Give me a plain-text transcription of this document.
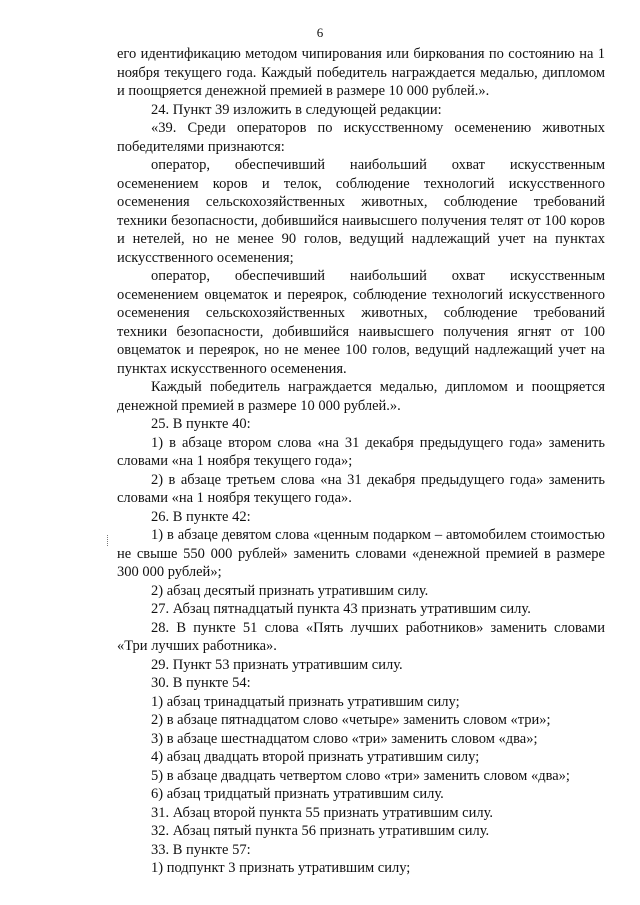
6

его идентификацию методом чипирования или биркования по состоянию на 1 ноября текущего года. Каждый победитель награждается медалью, дипломом и поощряется денежной премией в размере 10 000 рублей.».

24. Пункт 39 изложить в следующей редакции:

«39. Среди операторов по искусственному осеменению животных победителями признаются:

оператор, обеспечивший наибольший охват искусственным осеменением коров и телок, соблюдение технологий искусственного осеменения сельскохозяйственных животных, соблюдение требований техники безопасности, добившийся наивысшего получения телят от 100 коров и нетелей, но не менее 90 голов, ведущий надлежащий учет на пунктах искусственного осеменения;

оператор, обеспечивший наибольший охват искусственным осеменением овцематок и переярок, соблюдение технологий искусственного осеменения сельскохозяйственных животных, соблюдение требований техники безопасности, добившийся наивысшего получения ягнят от 100 овцематок и переярок, но не менее 100 голов, ведущий надлежащий учет на пунктах искусственного осеменения.

Каждый победитель награждается медалью, дипломом и поощряется денежной премией в размере 10 000 рублей.».

25. В пункте 40:

1) в абзаце втором слова «на 31 декабря предыдущего года» заменить словами «на 1 ноября текущего года»;

2) в абзаце третьем слова «на 31 декабря предыдущего года» заменить словами «на 1 ноября текущего года».

26. В пункте 42:

1) в абзаце девятом слова «ценным подарком – автомобилем стоимостью не свыше 550 000 рублей» заменить словами «денежной премией в размере 300 000 рублей»;

2) абзац десятый признать утратившим силу.

27. Абзац пятнадцатый пункта 43 признать утратившим силу.

28. В пункте 51 слова «Пять лучших работников» заменить словами «Три лучших работника».

29. Пункт 53 признать утратившим силу.

30. В пункте 54:

1) абзац тринадцатый признать утратившим силу;

2) в абзаце пятнадцатом слово «четыре» заменить словом «три»;

3) в абзаце шестнадцатом слово «три» заменить словом «два»;

4) абзац двадцать второй признать утратившим силу;

5) в абзаце двадцать четвертом слово «три» заменить словом «два»;

6) абзац тридцатый признать утратившим силу.

31. Абзац второй пункта 55 признать утратившим силу.

32. Абзац пятый пункта 56 признать утратившим силу.

33. В пункте 57:

1) подпункт 3 признать утратившим силу;
